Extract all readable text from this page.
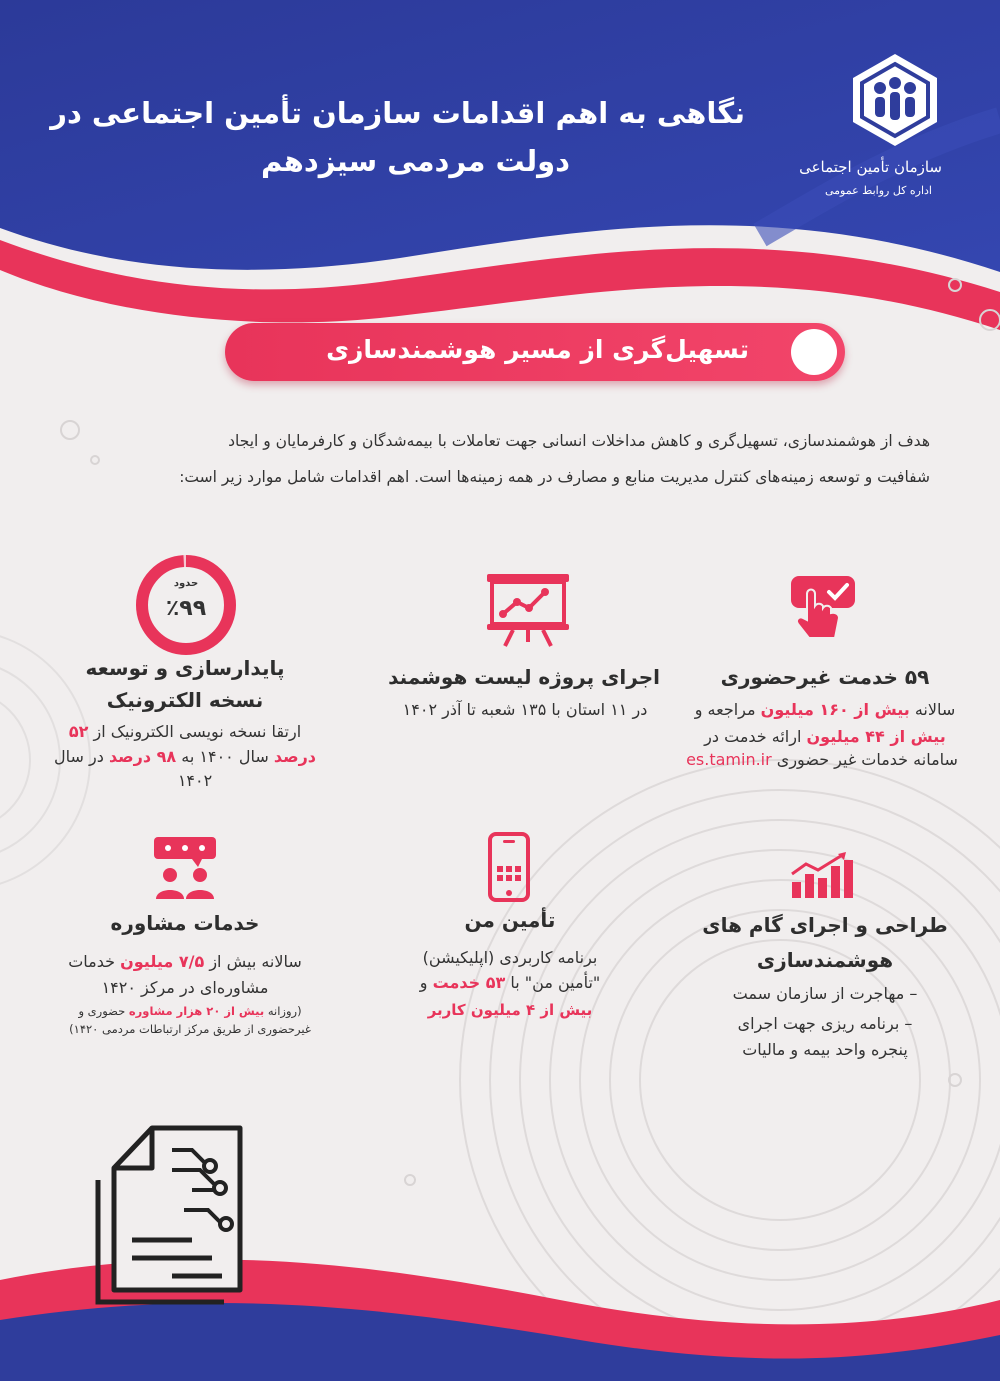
نگاهی به اهم اقدامات سازمان تأمین اجتماعی در
دولت مردمی سیزدهم	سازمان تأمین اجتماعی
اداره کل روابط عمومی
تسهیل‌گری از مسیر هوشمندسازی
هدف از هوشمندسازی، تسهیل‌گری و کاهش مداخلات انسانی جهت تعاملات با بیمه‌شدگان و کارفرمایان و ایجاد
شفافیت و توسعه زمینه‌های کنترل مدیریت منابع و مصارف در همه زمینه‌ها است. اهم اقدامات شامل موارد زیر است:
۵۹ خدمت غیرحضوری
سالانه بیش از ۱۶۰ میلیون مراجعه و
بیش از ۴۴ میلیون ارائه خدمت در
سامانه خدمات غیر حضوری es.tamin.ir
اجرای پروژه لیست هوشمند
در ۱۱ استان با ۱۳۵ شعبه تا آذر ۱۴۰۲
حدود
٪۹۹
پایدارسازی و توسعه
نسخه الکترونیک
ارتقا نسخه نویسی الکترونیک از ۵۲
درصد سال ۱۴۰۰ به ۹۸ درصد در سال
۱۴۰۲
طراحی و اجرای گام های
هوشمندسازی
– مهاجرت از سازمان سمت
– برنامه ریزی جهت اجرای
پنجره واحد بیمه و مالیات
تأمین من
برنامه کاربردی (اپلیکیشن)
"تأمین من" با ۵۳ خدمت و
بیش از ۴ میلیون کاربر
خدمات مشاوره
سالانه بیش از ۷/۵ میلیون خدمات
مشاوره‌ای در مرکز ۱۴۲۰
(روزانه بیش از ۲۰ هزار مشاوره حضوری و
غیرحضوری از طریق مرکز ارتباطات مردمی ۱۴۲۰)
